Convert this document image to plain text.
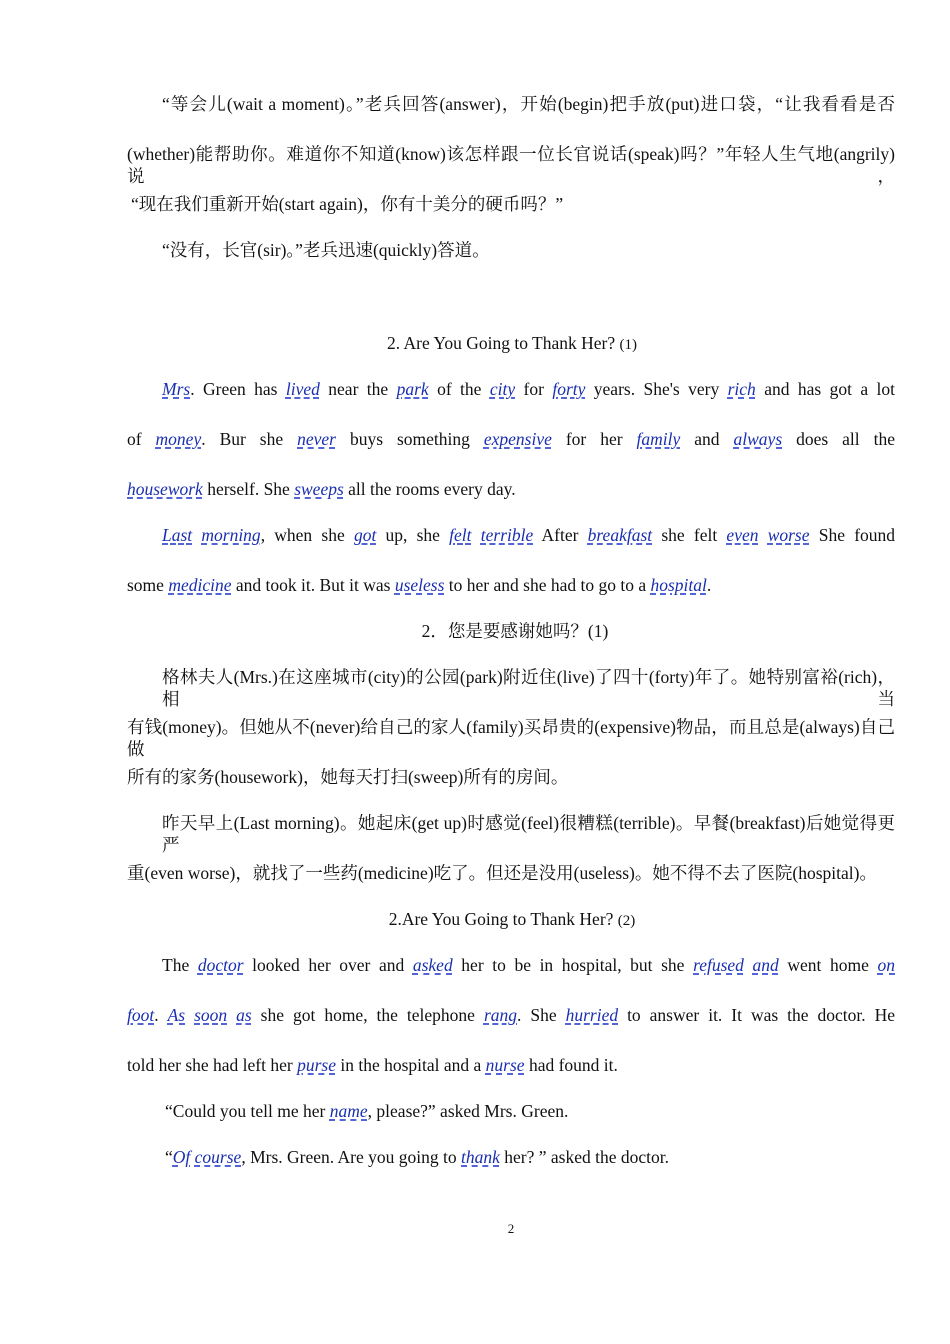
“等会儿(wait a moment)。”老兵回答(answer)，开始(begin)把手放(put)进口袋，“让我看看是否
(whether)能帮助你。难道你不知道(know)该怎样跟一位长官说话(speak)吗？”年轻人生气地(angrily)说，
“现在我们重新开始(start again)，你有十美分的硬币吗？”
“没有，长官(sir)。”老兵迅速(quickly)答道。
2. Are You Going to Thank Her? (1)
Mrs. Green has lived near the park of the city for forty years. She's very rich and has got a lot
of money. Bur she never buys something expensive for her family and always does all the
housework herself. She sweeps all the rooms every day.
Last morning, when she got up, she felt terrible After breakfast she felt even worse She found
some medicine and took it. But it was useless to her and she had to go to a hospital.
2．您是要感谢她吗？(1)
格林夫人(Mrs.)在这座城市(city)的公园(park)附近住(live)了四十(forty)年了。她特别富裕(rich)，相当
有钱(money)。但她从不(never)给自己的家人(family)买昂贵的(expensive)物品，而且总是(always)自己做
所有的家务(housework)，她每天打扫(sweep)所有的房间。
昨天早上(Last morning)。她起床(get up)时感觉(feel)很糟糕(terrible)。早餐(breakfast)后她觉得更严
重(even worse)，就找了一些药(medicine)吃了。但还是没用(useless)。她不得不去了医院(hospital)。
2.Are You Going to Thank Her? (2)
The doctor looked her over and asked her to be in hospital, but she refused and went home on
foot. As soon as she got home, the telephone rang. She hurried to answer it. It was the doctor. He
told her she had left her purse in the hospital and a nurse had found it.
“Could you tell me her name, please?” asked Mrs. Green.
“Of course, Mrs. Green. Are you going to thank her? ” asked the doctor.
2
